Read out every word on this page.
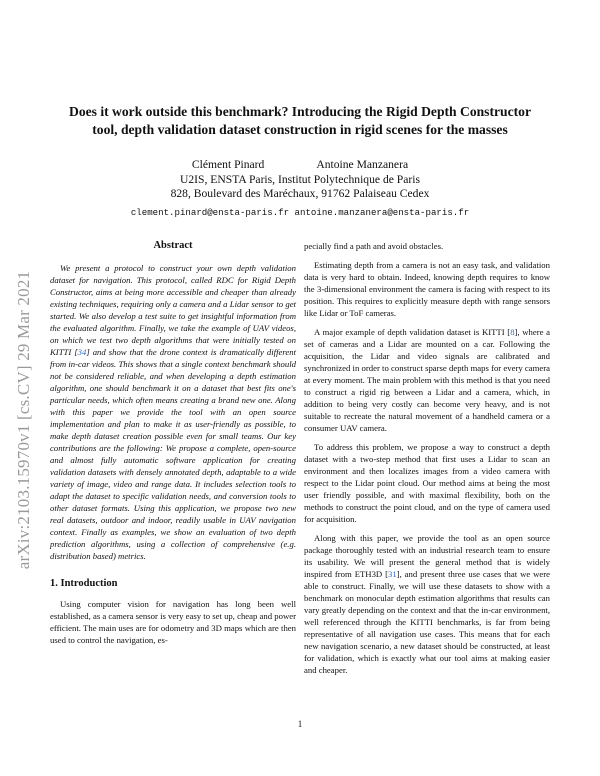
arXiv:2103.15970v1 [cs.CV] 29 Mar 2021
Does it work outside this benchmark? Introducing the Rigid Depth Constructor
tool, depth validation dataset construction in rigid scenes for the masses
Clément Pinard	Antoine Manzanera
U2IS, ENSTA Paris, Institut Polytechnique de Paris
828, Boulevard des Maréchaux, 91762 Palaiseau Cedex
clement.pinard@ensta-paris.fr antoine.manzanera@ensta-paris.fr
Abstract

We present a protocol to construct your own depth validation dataset for navigation. This protocol, called RDC for Rigid Depth Constructor, aims at being more accessible and cheaper than already existing techniques, requiring only a camera and a Lidar sensor to get started. We also develop a test suite to get insightful information from the evaluated algorithm. Finally, we take the example of UAV videos, on which we test two depth algorithms that were initially tested on KITTI [34] and show that the drone context is dramatically different from in-car videos. This shows that a single context benchmark should not be considered reliable, and when developing a depth estimation algorithm, one should benchmark it on a dataset that best fits one's particular needs, which often means creating a brand new one. Along with this paper we provide the tool with an open source implementation and plan to make it as user-friendly as possible, to make depth dataset creation possible even for small teams. Our key contributions are the following: We propose a complete, open-source and almost fully automatic software application for creating validation datasets with densely annotated depth, adaptable to a wide variety of image, video and range data. It includes selection tools to adapt the dataset to specific validation needs, and conversion tools to other dataset formats. Using this application, we propose two new real datasets, outdoor and indoor, readily usable in UAV navigation context. Finally as examples, we show an evaluation of two depth prediction algorithms, using a collection of comprehensive (e.g. distribution based) metrics.

1. Introduction

Using computer vision for navigation has long been well established, as a camera sensor is very easy to set up, cheap and power efficient. The main uses are for odometry and 3D maps which are then used to control the navigation, es-

pecially find a path and avoid obstacles.

Estimating depth from a camera is not an easy task, and validation data is very hard to obtain. Indeed, knowing depth requires to know the 3-dimensional environment the camera is facing with respect to its position. This requires to explicitly measure depth with range sensors like Lidar or ToF cameras.

A major example of depth validation dataset is KITTI [8], where a set of cameras and a Lidar are mounted on a car. Following the acquisition, the Lidar and video signals are calibrated and synchronized in order to construct sparse depth maps for every camera at every moment. The main problem with this method is that you need to construct a rigid rig between a Lidar and a camera, which, in addition to being very costly can become very heavy, and is not suitable to recreate the natural movement of a handheld camera or a consumer UAV camera.

To address this problem, we propose a way to construct a depth dataset with a two-step method that first uses a Lidar to scan an environment and then localizes images from a video camera with respect to the Lidar point cloud. Our method aims at being the most user friendly possible, and with maximal flexibility, both on the methods to construct the point cloud, and on the type of camera used for acquisition.

Along with this paper, we provide the tool as an open source package thoroughly tested with an industrial research team to ensure its usability. We will present the general method that is widely inspired from ETH3D [31], and present three use cases that we were able to construct. Finally, we will use these datasets to show with a benchmark on monocular depth estimation algorithms that results can vary greatly depending on the context and that the in-car environment, well referenced through the KITTI benchmarks, is far from being representative of all navigation use cases. This means that for each new navigation scenario, a new dataset should be constructed, at least for validation, which is exactly what our tool aims at making easier and cheaper.

1
